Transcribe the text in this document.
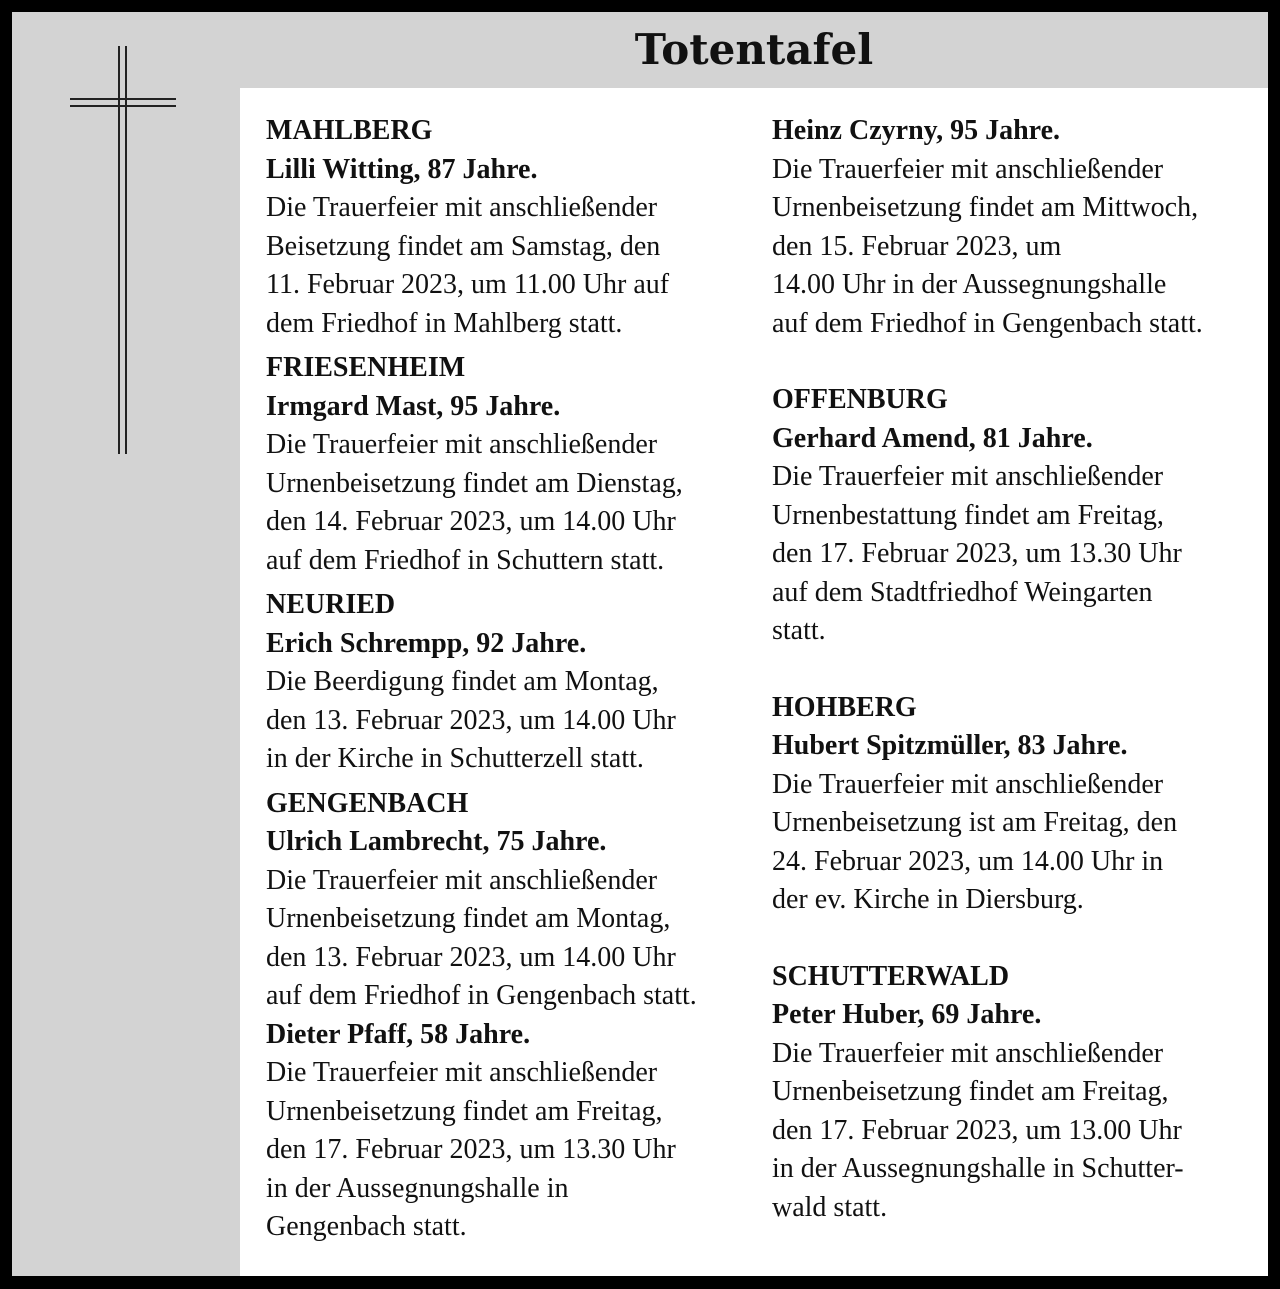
Totentafel
MAHLBERG
Lilli Witting, 87 Jahre.
Die Trauerfeier mit anschließender
Beisetzung findet am Samstag, den
11. Februar 2023, um 11.00 Uhr auf
dem Friedhof in Mahlberg statt.
FRIESENHEIM
Irmgard Mast, 95 Jahre.
Die Trauerfeier mit anschließender
Urnenbeisetzung findet am Dienstag,
den 14. Februar 2023, um 14.00 Uhr
auf dem Friedhof in Schuttern statt.
NEURIED
Erich Schrempp, 92 Jahre.
Die Beerdigung findet am Montag,
den 13. Februar 2023, um 14.00 Uhr
in der Kirche in Schutterzell statt.
GENGENBACH
Ulrich Lambrecht, 75 Jahre.
Die Trauerfeier mit anschließender
Urnenbeisetzung findet am Montag,
den 13. Februar 2023, um 14.00 Uhr
auf dem Friedhof in Gengenbach statt.
Dieter Pfaff, 58 Jahre.
Die Trauerfeier mit anschließender
Urnenbeisetzung findet am Freitag,
den 17. Februar 2023, um 13.30 Uhr
in der Aussegnungshalle in
Gengenbach statt.
Heinz Czyrny, 95 Jahre.
Die Trauerfeier mit anschließender
Urnenbeisetzung findet am Mittwoch,
den 15. Februar 2023, um
14.00 Uhr in der Aussegnungshalle
auf dem Friedhof in Gengenbach statt.
OFFENBURG
Gerhard Amend, 81 Jahre.
Die Trauerfeier mit anschließender
Urnenbestattung findet am Freitag,
den 17. Februar 2023, um 13.30 Uhr
auf dem Stadtfriedhof Weingarten
statt.
HOHBERG
Hubert Spitzmüller, 83 Jahre.
Die Trauerfeier mit anschließender
Urnenbeisetzung ist am Freitag, den
24. Februar 2023, um 14.00 Uhr in
der ev. Kirche in Diersburg.
SCHUTTERWALD
Peter Huber, 69 Jahre.
Die Trauerfeier mit anschließender
Urnenbeisetzung findet am Freitag,
den 17. Februar 2023, um 13.00 Uhr
in der Aussegnungshalle in Schutter-
wald statt.
